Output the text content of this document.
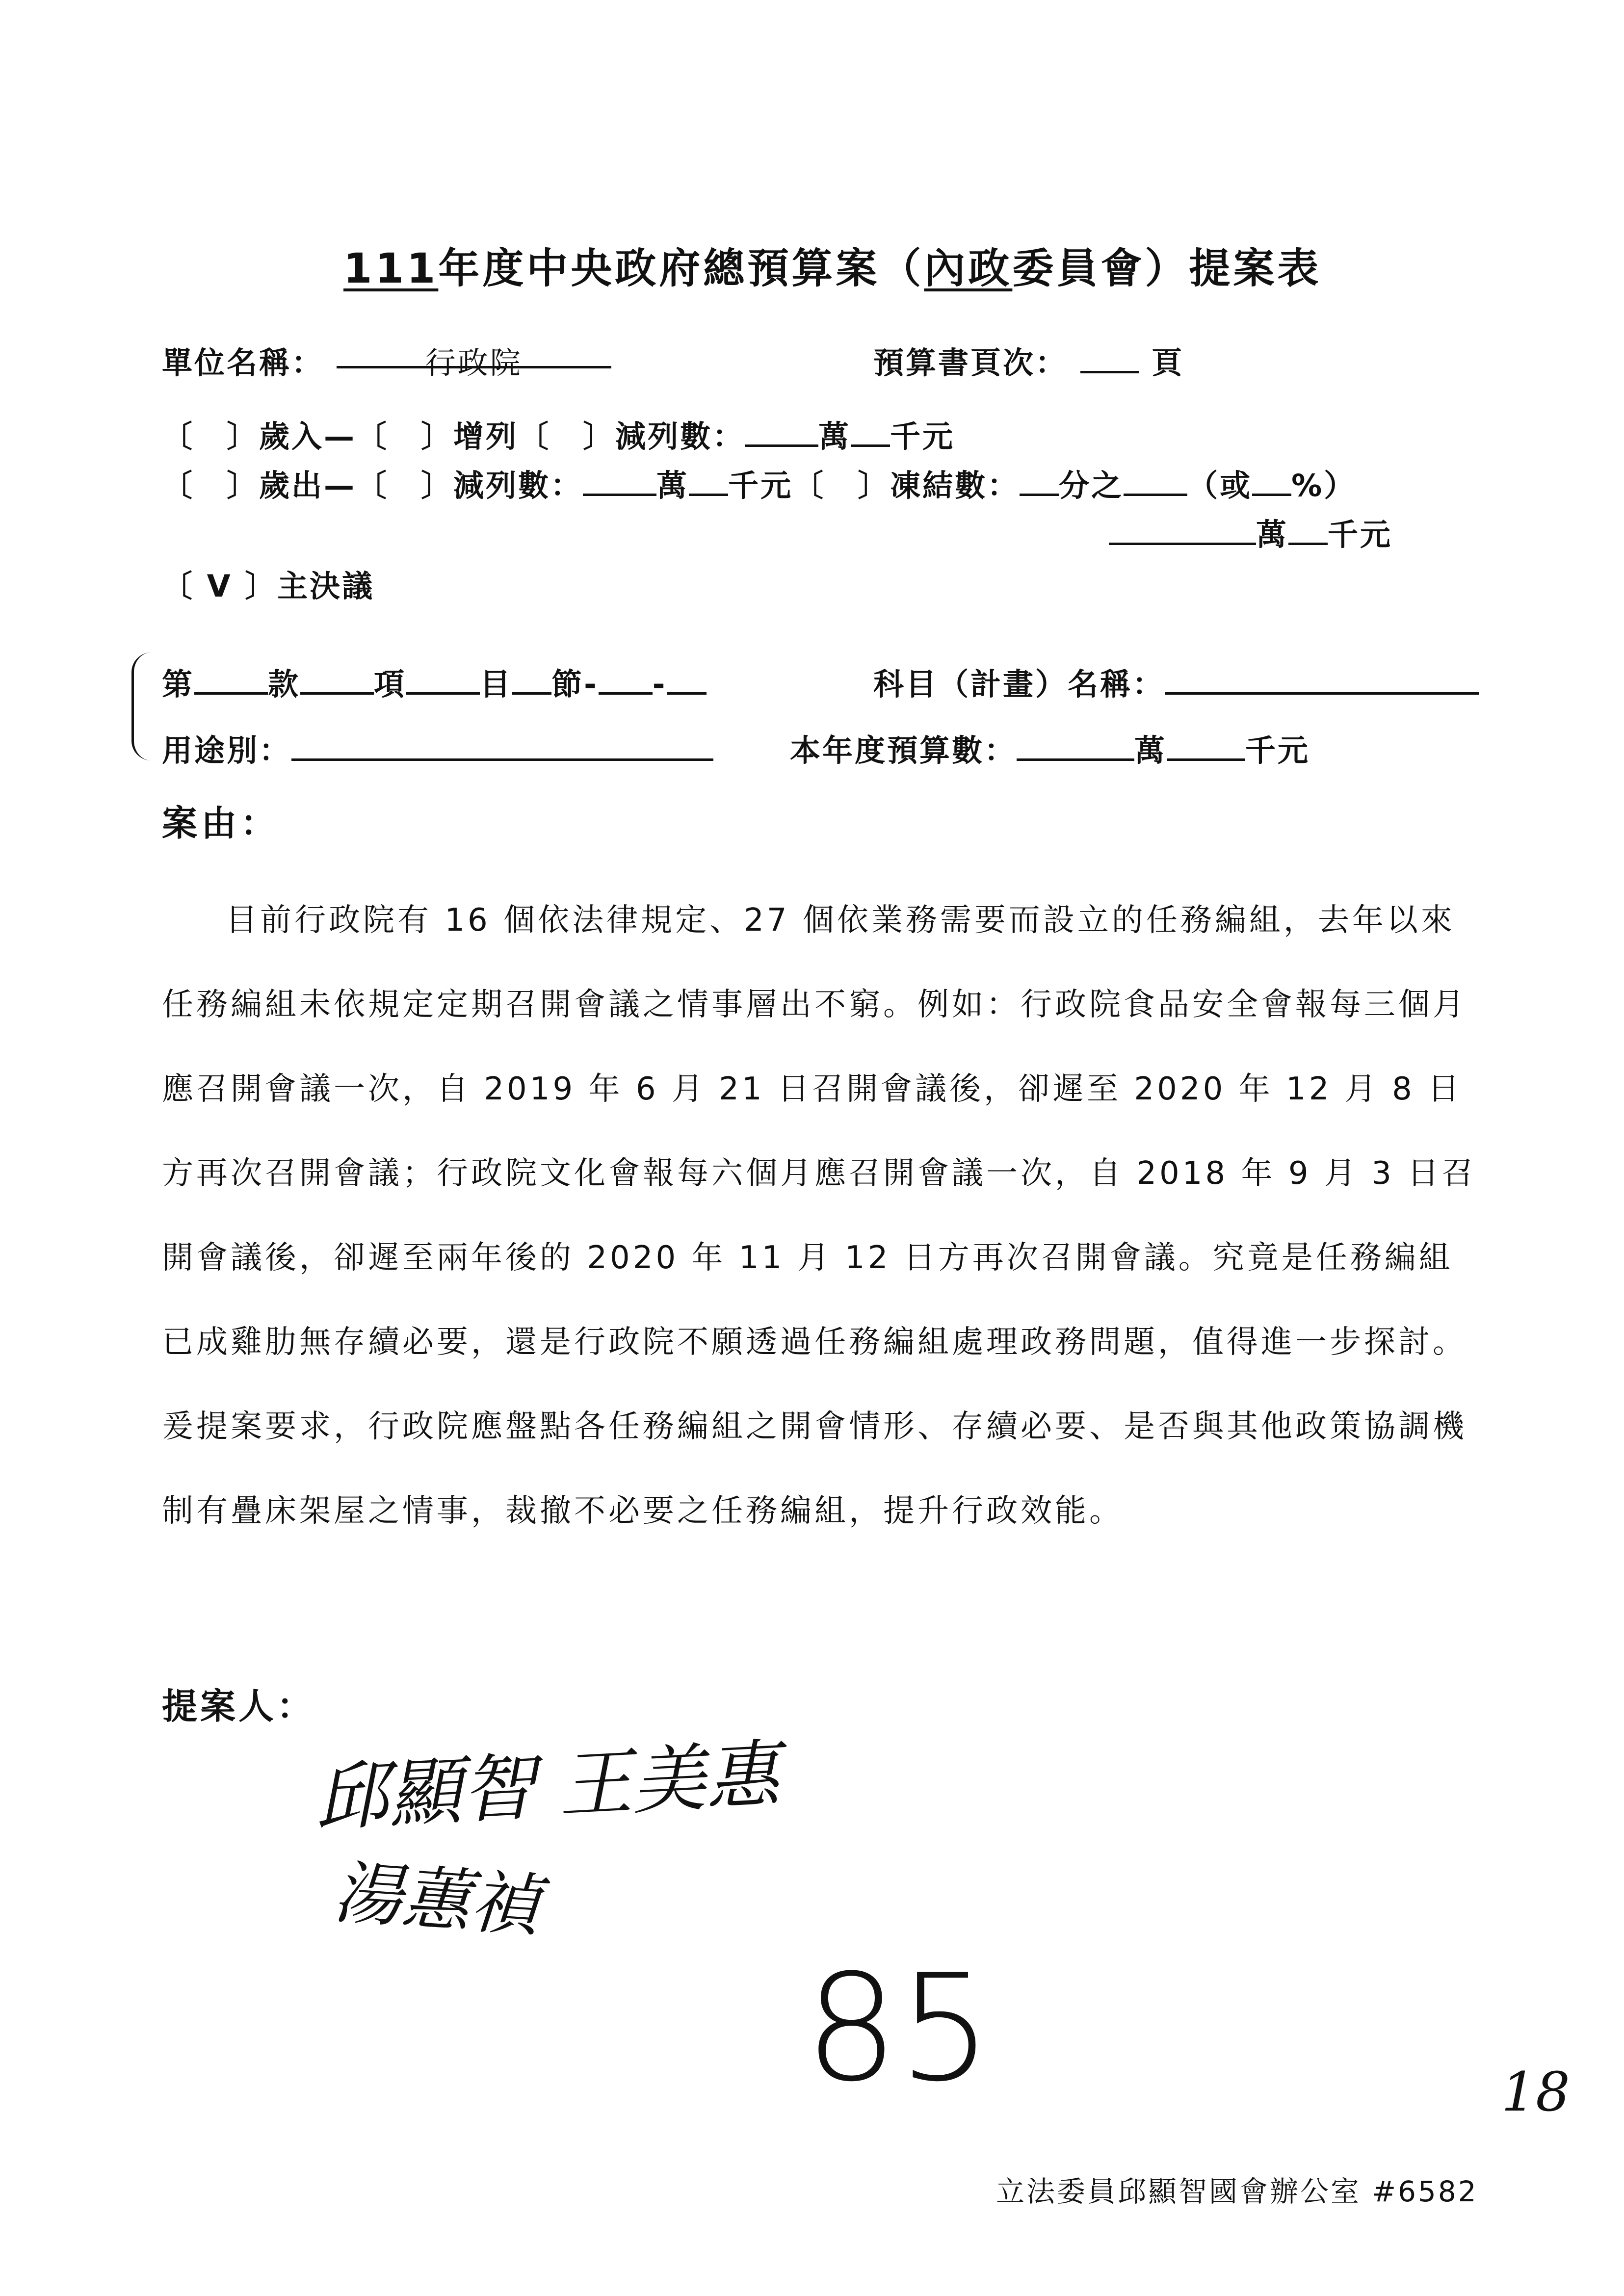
111年度中央政府總預算案（內政委員會）提案表
單位名稱：	行政院	預算書頁次：	頁
〔　〕歲入—〔　〕增列〔　〕減列數： 萬 千元
〔　〕歲出—〔　〕減列數： 萬 千元〔　〕凍結數： 分之 （或 %）
萬 千元
〔 V 〕主決議
第 款 項 目 節- -	科目（計畫）名稱：
用途別：	本年度預算數：	萬	千元
案由：
目前行政院有 16 個依法律規定、27 個依業務需要而設立的任務編組，去年以來任務編組未依規定定期召開會議之情事層出不窮。例如：行政院食品安全會報每三個月應召開會議一次，自 2019 年 6 月 21 日召開會議後，卻遲至 2020 年 12 月 8 日方再次召開會議；行政院文化會報每六個月應召開會議一次，自 2018 年 9 月 3 日召開會議後，卻遲至兩年後的 2020 年 11 月 12 日方再次召開會議。究竟是任務編組已成雞肋無存續必要，還是行政院不願透過任務編組處理政務問題，值得進一步探討。爰提案要求，行政院應盤點各任務編組之開會情形、存續必要、是否與其他政策協調機制有疊床架屋之情事，裁撤不必要之任務編組，提升行政效能。
提案人：
邱顯智 王美惠
湯蕙禎
85	18
立法委員邱顯智國會辦公室 #6582
